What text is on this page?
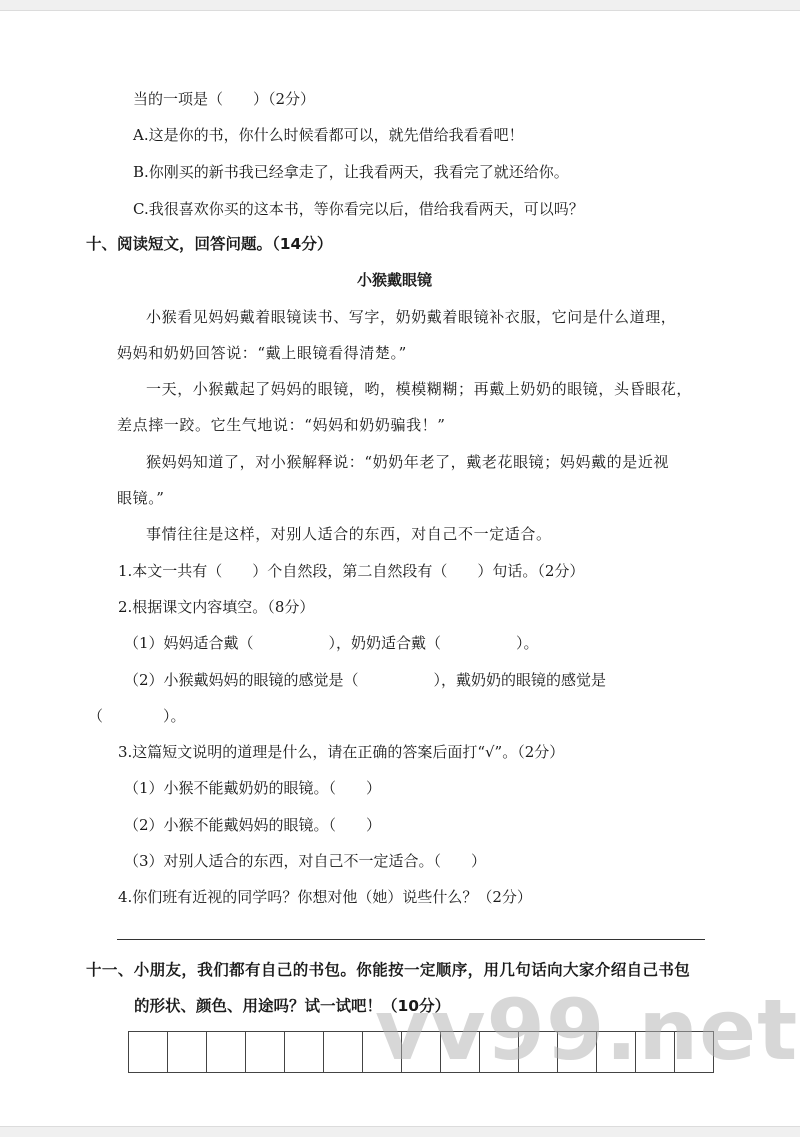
当的一项是（　　）（2分）
A.这是你的书，你什么时候看都可以，就先借给我看看吧！
B.你刚买的新书我已经拿走了，让我看两天，我看完了就还给你。
C.我很喜欢你买的这本书，等你看完以后，借给我看两天，可以吗？
十、阅读短文，回答问题。（14分）
小猴戴眼镜
小猴看见妈妈戴着眼镜读书、写字，奶奶戴着眼镜补衣服，它问是什么道理，
妈妈和奶奶回答说：“戴上眼镜看得清楚。”
一天，小猴戴起了妈妈的眼镜，哟，模模糊糊；再戴上奶奶的眼镜，头昏眼花，
差点摔一跤。它生气地说：“妈妈和奶奶骗我！”
猴妈妈知道了，对小猴解释说：“奶奶年老了，戴老花眼镜；妈妈戴的是近视
眼镜。”
事情往往是这样，对别人适合的东西，对自己不一定适合。
1.本文一共有（　　）个自然段，第二自然段有（　　）句话。（2分）
2.根据课文内容填空。（8分）
（1）妈妈适合戴（　　　　　），奶奶适合戴（　　　　　）。
（2）小猴戴妈妈的眼镜的感觉是（　　　　　），戴奶奶的眼镜的感觉是
（　　　　）。
3.这篇短文说明的道理是什么，请在正确的答案后面打“√”。（2分）
（1）小猴不能戴奶奶的眼镜。（　　）
（2）小猴不能戴妈妈的眼镜。（　　）
（3）对别人适合的东西，对自己不一定适合。（　　）
4.你们班有近视的同学吗？你想对他（她）说些什么？（2分）
十一、小朋友，我们都有自己的书包。你能按一定顺序，用几句话向大家介绍自己书包
的形状、颜色、用途吗？试一试吧！（10分）
vv99.net
